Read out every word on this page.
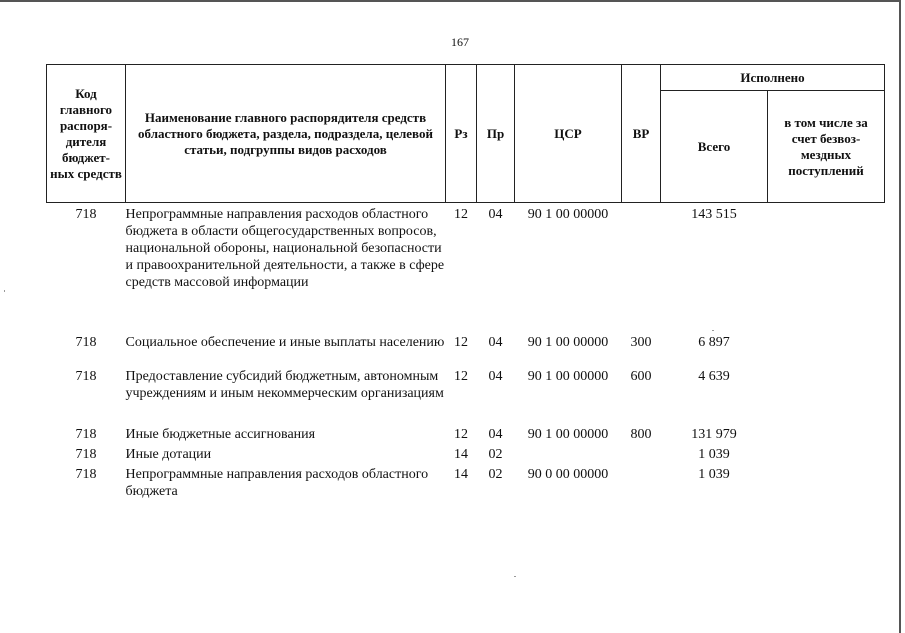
167
Код главного распоря-дителя бюджет-ных средств	Наименование главного распорядителя средств областного бюджета, раздела, подраздела, целевой статьи, подгруппы видов расходов	Рз	Пр	ЦСР	ВР	Исполнено	
						Всего	в том числе за счет безвоз-мездных поступлений
718	Непрограммные направления расходов областного бюджета в области общегосударственных вопросов, национальной обороны, национальной безопасности и правоохранительной деятельности, а также в сфере средств массовой информации	12	04	90 1 00 00000		143 515	
718	Социальное обеспечение и иные выплаты населению	12	04	90 1 00 00000	300	6 897	
718	Предоставление субсидий бюджетным, автономным учреждениям и иным некоммерческим организациям	12	04	90 1 00 00000	600	4 639	
718	Иные бюджетные ассигнования	12	04	90 1 00 00000	800	131 979	
718	Иные дотации	14	02			1 039	
718	Непрограммные направления расходов областного бюджета	14	02	90 0 00 00000		1 039	
